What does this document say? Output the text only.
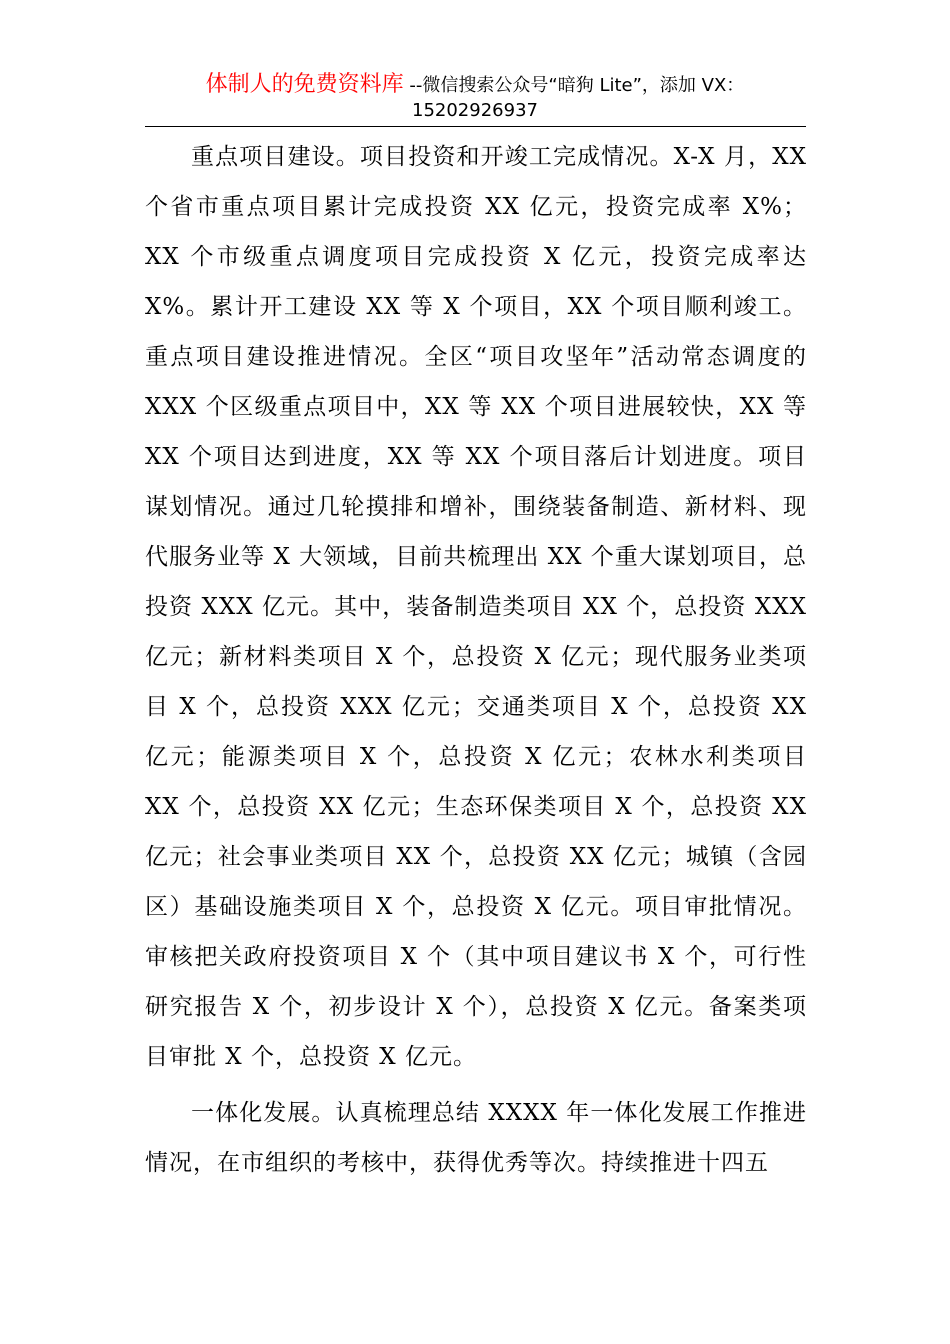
体制人的免费资料库 --微信搜索公众号“暗狗 Lite”，添加 VX：15202926937

重点项目建设。项目投资和开竣工完成情况。X-X 月，XX 个省市重点项目累计完成投资 XX 亿元，投资完成率 X%；XX 个市级重点调度项目完成投资 X 亿元，投资完成率达 X%。累计开工建设 XX 等 X 个项目，XX 个项目顺利竣工。重点项目建设推进情况。全区“项目攻坚年”活动常态调度的 XXX 个区级重点项目中，XX 等 XX 个项目进展较快，XX 等 XX 个项目达到进度，XX 等 XX 个项目落后计划进度。项目谋划情况。通过几轮摸排和增补，围绕装备制造、新材料、现代服务业等 X 大领域，目前共梳理出 XX 个重大谋划项目，总投资 XXX 亿元。其中，装备制造类项目 XX 个，总投资 XXX 亿元；新材料类项目 X 个，总投资 X 亿元；现代服务业类项目 X 个，总投资 XXX 亿元；交通类项目 X 个，总投资 XX 亿元；能源类项目 X 个，总投资 X 亿元；农林水利类项目 XX 个，总投资 XX 亿元；生态环保类项目 X 个，总投资 XX 亿元；社会事业类项目 XX 个，总投资 XX 亿元；城镇（含园区）基础设施类项目 X 个，总投资 X 亿元。项目审批情况。审核把关政府投资项目 X 个（其中项目建议书 X 个，可行性研究报告 X 个，初步设计 X 个），总投资 X 亿元。备案类项目审批 X 个，总投资 X 亿元。

一体化发展。认真梳理总结 XXXX 年一体化发展工作推进情况，在市组织的考核中，获得优秀等次。持续推进十四五
